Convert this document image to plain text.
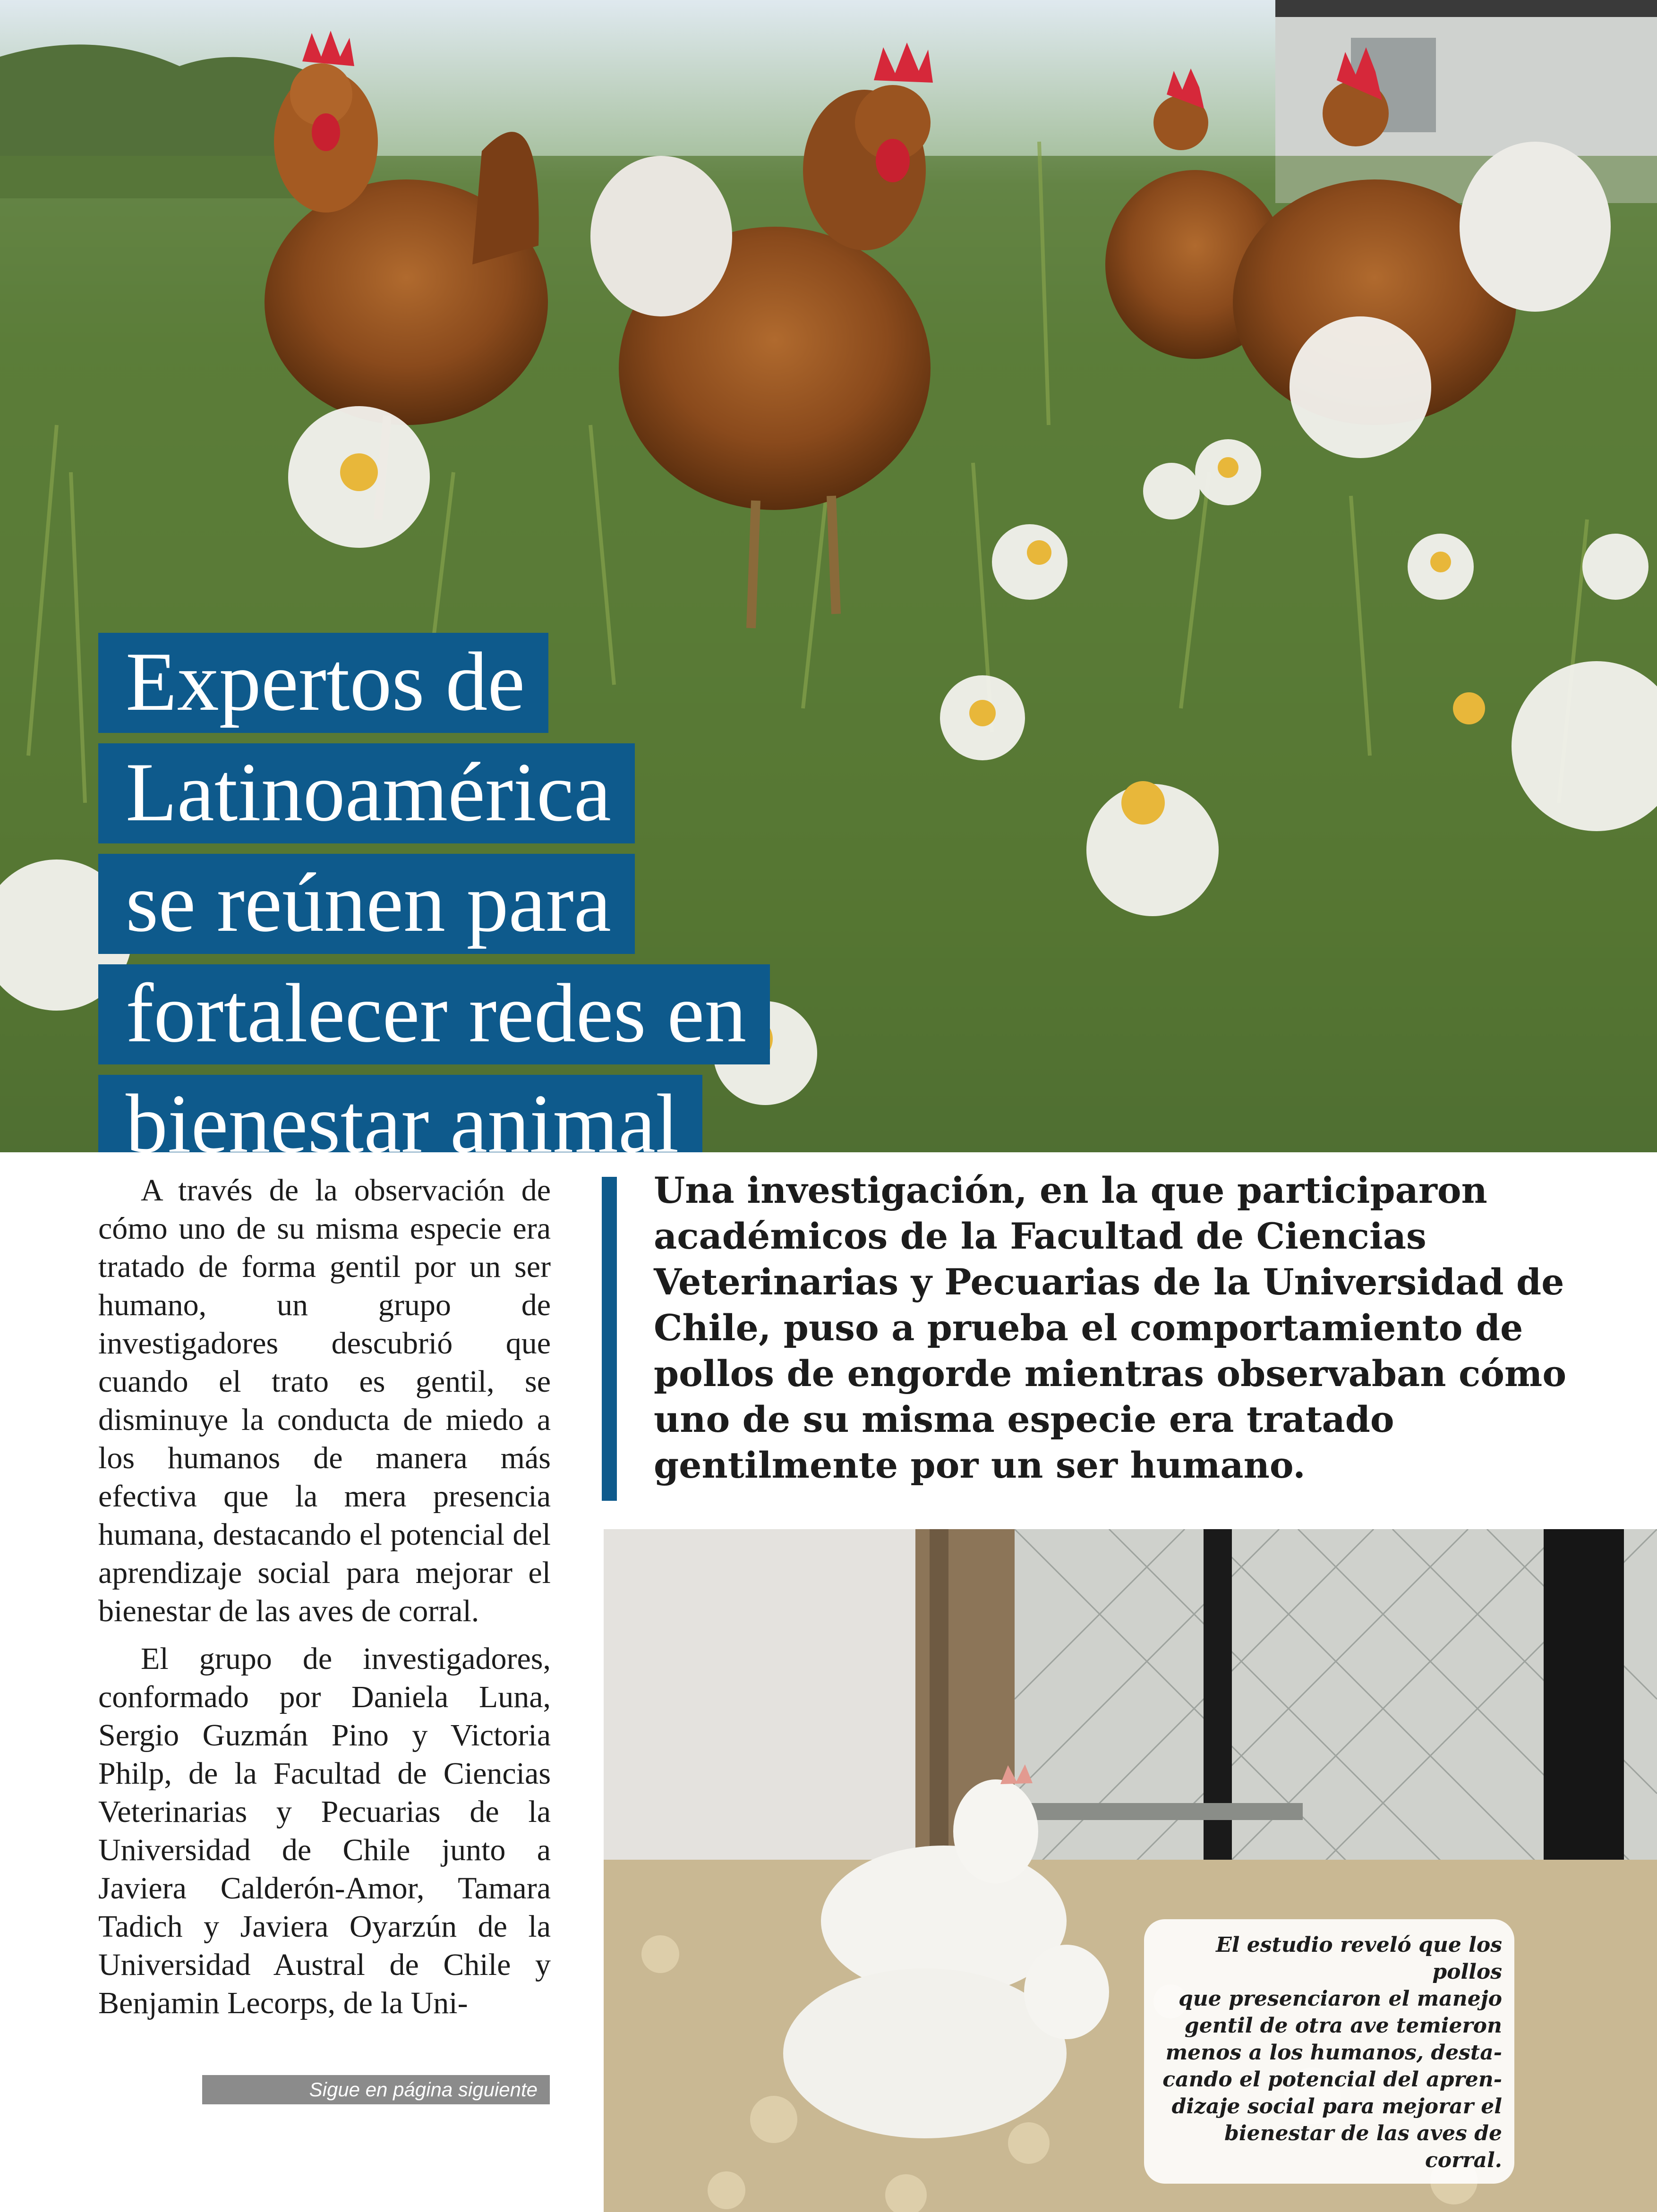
Expertos de
Latinoamérica
se reúnen para
fortalecer redes en
bienestar animal

A través de la observación de cómo uno de su misma especie era tratado de forma gentil por un ser humano, un grupo de investigadores descubrió que cuando el trato es gentil, se disminuye la conducta de miedo a los humanos de manera más efectiva que la mera presencia humana, destacando el potencial del aprendizaje social para mejorar el bienestar de las aves de corral.

El grupo de investigadores, conformado por Daniela Luna, Sergio Guzmán Pino y Victoria Philp, de la Facultad de Ciencias Veterinarias y Pecuarias de la Universidad de Chile junto a Javiera Calderón-Amor, Tamara Tadich y Javiera Oyarzún de la Universidad Austral de Chile y Benjamin Lecorps, de la Uni-

Sigue en página siguiente
Una investigación, en la que participaron académicos de la Facultad de Ciencias Veterinarias y Pecuarias de la Universidad de Chile, puso a prueba el comportamiento de pollos de engorde mientras observaban cómo uno de su misma especie era tratado gentilmente por un ser humano.
El estudio reveló que los pollos
que presenciaron el manejo
gentil de otra ave temieron
menos a los humanos, desta-
cando el potencial del apren-
dizaje social para mejorar el
bienestar de las aves de corral.
